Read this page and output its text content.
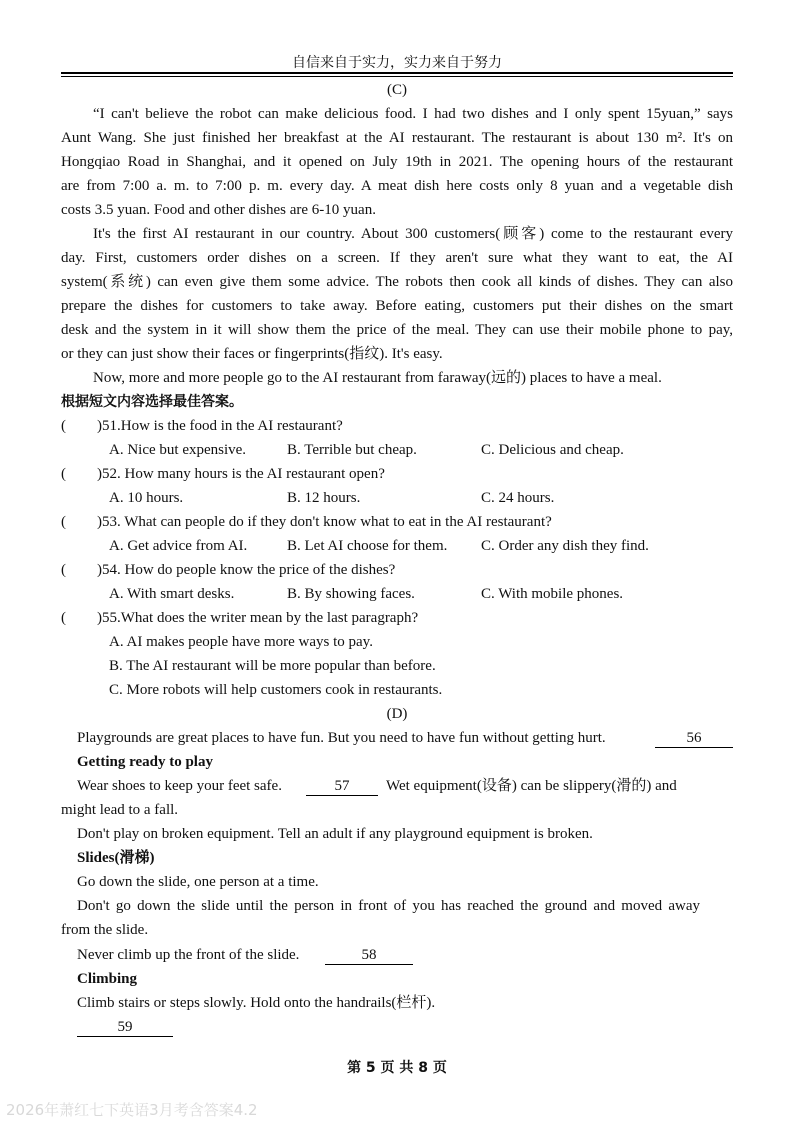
自信来自于实力，实力来自于努力
(C)
“I can't believe the robot can make delicious food. I had two dishes and I only spent 15yuan,” says
Aunt Wang. She just finished her breakfast at the AI restaurant. The restaurant is about 130 m². It's on
Hongqiao Road in Shanghai, and it opened on July 19th in 2021. The opening hours of the restaurant
are from 7:00 a. m. to 7:00 p. m. every day. A meat dish here costs only 8 yuan and a vegetable dish
costs 3.5 yuan. Food and other dishes are 6-10 yuan.
It's the first AI restaurant in our country. About 300 customers(顾客) come to the restaurant every
day. First, customers order dishes on a screen. If they aren't sure what they want to eat, the AI
system(系统) can even give them some advice. The robots then cook all kinds of dishes. They can also
prepare the dishes for customers to take away. Before eating, customers put their dishes on the smart
desk and the system in it will show them the price of the meal. They can use their mobile phone to pay,
or they can just show their faces or fingerprints(指纹). It's easy.
Now, more and more people go to the AI restaurant from faraway(远的) places to have a meal.
根据短文内容选择最佳答案。
( )51.How is the food in the AI restaurant?
A. Nice but expensive.	B. Terrible but cheap.	C. Delicious and cheap.
( )52. How many hours is the AI restaurant open?
A. 10 hours.	B. 12 hours.	C. 24 hours.
( )53. What can people do if they don't know what to eat in the AI restaurant?
A. Get advice from AI.	B. Let AI choose for them. C. Order any dish they find.
( )54. How do people know the price of the dishes?
A. With smart desks.	B. By showing faces.	C. With mobile phones.
( )55.What does the writer mean by the last paragraph?
A. AI makes people have more ways to pay.
B. The AI restaurant will be more popular than before.
C. More robots will help customers cook in restaurants.
(D)
Playgrounds are great places to have fun. But you need to have fun without getting hurt.	56
Getting ready to play
Wear shoes to keep your feet safe.	57	Wet equipment(设备) can be slippery(滑的) and
might lead to a fall.
Don't play on broken equipment. Tell an adult if any playground equipment is broken.
Slides(滑梯)
Go down the slide, one person at a time.
Don't go down the slide until the person in front of you has reached the ground and moved away
from the slide.
Never climb up the front of the slide.	58
Climbing
Climb stairs or steps slowly. Hold onto the handrails(栏杆).
59
第 5 页 共 8 页
2026年萧红七下英语3月考含答案4.2
